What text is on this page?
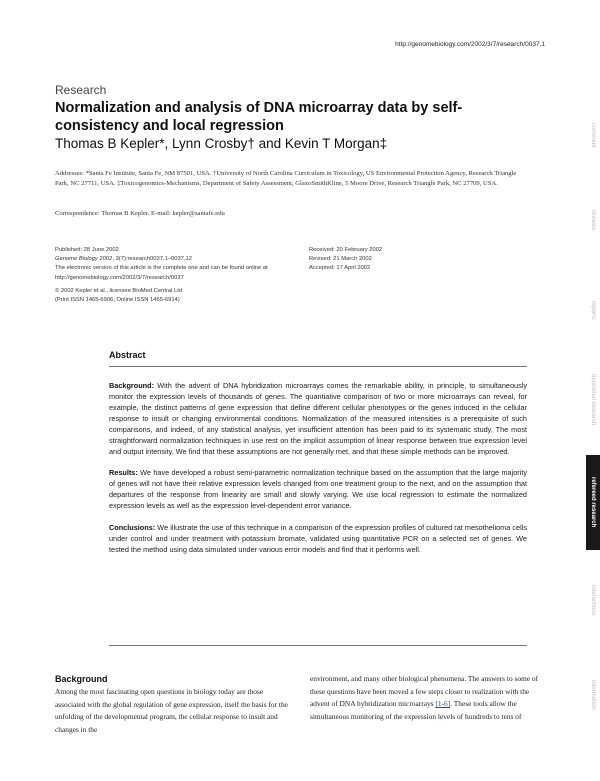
http://genomebiology.com/2002/3/7/research/0037.1
Research
Normalization and analysis of DNA microarray data by self-consistency and local regression
Thomas B Kepler*, Lynn Crosby† and Kevin T Morgan‡
Addresses: *Santa Fe Institute, Santa Fe, NM 87501, USA. †University of North Carolina Curriculum in Toxicology, US Environmental Protection Agency, Research Triangle Park, NC 27711, USA. ‡Toxicogenomics-Mechanisms, Department of Safety Assessment, GlaxoSmithKline, 5 Moore Drive, Research Triangle Park, NC 27709, USA.
Correspondence: Thomas B Kepler. E-mail: kepler@santafe.edu

Published: 28 June 2002

Genome Biology 2002, 3(7):research0037.1–0037.12

The electronic version of this article is the complete one and can be found online at http://genomebiology.com/2002/3/7/research/0037

© 2002 Kepler et al., licensee BioMed Central Ltd

(Print ISSN 1465-6906; Online ISSN 1465-6914)

Received: 20 February 2002

Revised: 21 March 2002

Accepted: 17 April 2002

Abstract

Background: With the advent of DNA hybridization microarrays comes the remarkable ability, in principle, to simultaneously monitor the expression levels of thousands of genes. The quantiative comparison of two or more microarrays can reveal, for example, the distinct patterns of gene expression that define different cellular phenotypes or the genes induced in the cellular response to insult or changing environmental conditions. Normalization of the measured intensities is a prerequisite of such comparisons, and indeed, of any statistical analysis, yet insufficient attention has been paid to its systematic study. The most straightforward normalization techniques in use rest on the implicit assumption of linear response between true expression level and output intensity. We find that these assumptions are not generally met, and that these simple methods can be improved.

Results: We have developed a robust semi-parametric normalization technique based on the assumption that the large majority of genes will not have their relative expression levels changed from one treatment group to the next, and on the assumption that departures of the response from linearity are small and slowly varying. We use local regression to estimate the normalized expression levels as well as the expression level-dependent error variance.

Conclusions: We illustrate the use of this technique in a comparison of the expression profiles of cultured rat mesothelioma cells under control and under treatment with potassium bromate, validated using quantitative PCR on a selected set of genes. We tested the method using data simulated under various error models and find that it performs well.

Background

Among the most fascinating open questions in biology today are those associated with the global regulation of gene expression, itself the basis for the unfolding of the developmental program, the cellular response to insult and changes in the

environment, and many other biological phenomena. The answers to some of these questions have been moved a few steps closer to realization with the advent of DNA hybridization microarrays [1-6]. These tools allow the simultaneous monitoring of the expression levels of hundreds to tens of

comment
reviews
reports
deposited research
refereed research
interactions
information
